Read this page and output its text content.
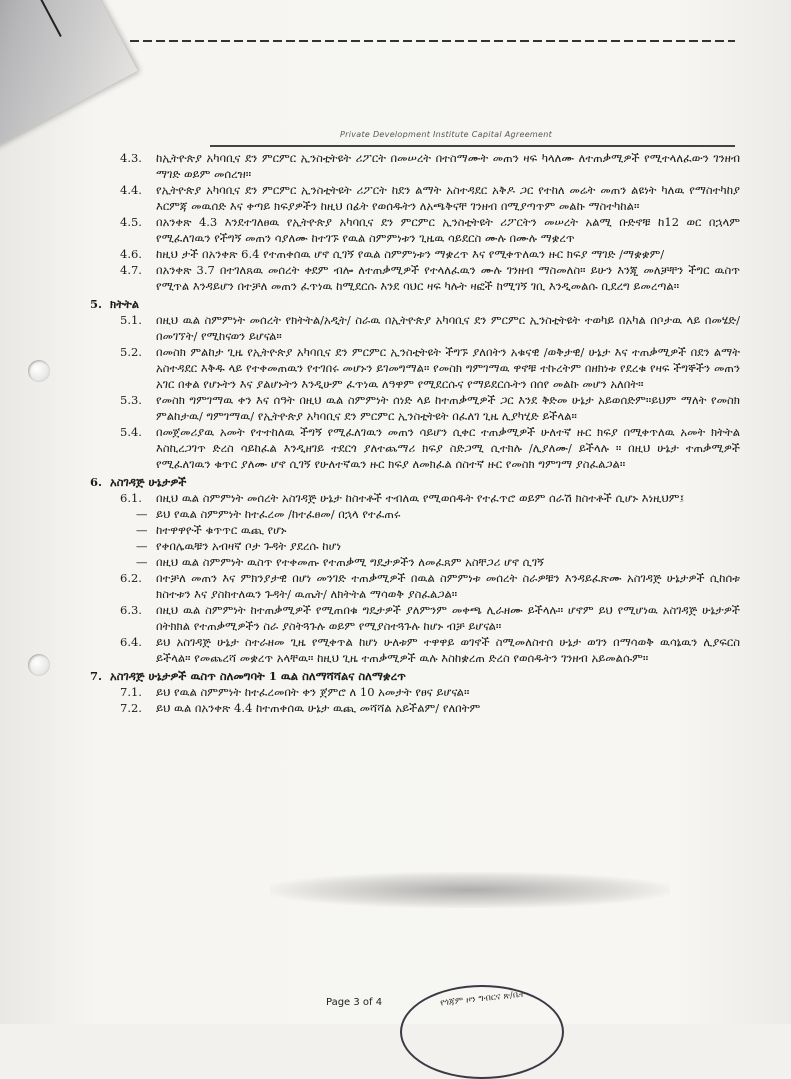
Private Development Institute Capital Agreement
4.3.	ከኢትዮጵያ አካባቢና ደን ምርምር ኢንስቲትዩት ሪፖርት በመሠረት በተስማሙት መጠን ዛፍ ካላለሙ ለተጠቃሚዎች የሚተላለፈውን ገንዘብ ማገድ ወይም መሰረዝ።
4.4.	የኢትዮጵያ አካባቢና ደን ምርምር ኢንስቲትዩት ሪፖርት ከደን ልማት አስተዳደር አቅዶ ጋር የተከለ መሬት መጠን ልዩነት ካለዉ የማስተካከያ እርምጃ መዉሰድ እና ቀጣይ ክፍያዎችን ከዚህ በፊት የወሰዱትን ለአጫቅናቸ ገንዘብ በሚያጣጥም መልኩ ማስተካከል።
4.5.	በአንቀጽ 4.3 እንደተገለፀዉ የኢትዮጵያ አካባቢና ደን ምርምር ኢንስቲትዩት ሪፖርትን መሠረት አልሚ ቡድኖቹ ከ12 ወር በኋላም የሚፈለገዉን የችግኝ መጠን ሳያለሙ ከተገኙ የዉል ስምምነቱን ጊዜዉ ሳይደርስ ሙሉ በሙሉ ማቋረጥ
4.6.	ከዚህ ታች በአንቀጽ 6.4 የተጠቀሰዉ ሆኖ ሲገኝ የዉል ስምምነቱን ማቋረጥ እና የሚቀጥለዉን ዙር ክፍያ ማገድ /ማቋቋም/
4.7.	በአንቀጽ 3.7 በተገለጸዉ መሰረት ቀደም ብሎ ለተጠቃሚዎች የተላለፈዉን ሙሉ ገንዘብ ማስመለስ። ይሁን እንጂ መለቻቸን ችግር ዉስጥ የሚጥል እንዳይሆን በተቻለ መጠን ፈጥነዉ ከሚደርሱ እንደ ባህር ዛፍ ካሉት ዛፎች ከሚገኝ ገቢ እንዲመልሱ ቢደረግ ይመረጣል።
5. ክትትል
5.1.	በዚህ ዉል ስምምነት መሰረት የክትትል/አዲት/ ስራዉ በኢትዮጵያ አካባቢና ደን ምርምር ኢንስቲትዩት ተወካይ በአካል በቦታዉ ላይ በመሄድ/ በመገኘት/ የሚከናወን ይሆናል።
5.2.	በመስክ ምልከታ ጊዜ የኢትዮጵያ አካባቢና ደን ምርምር ኢንስቲትዩት ችግኙ ያለበትን አቁናዊ /ወቅታዊ/ ሁኔታ እና ተጠቃሚዎች በደን ልማት አስተዳደር እቅዱ ላይ የተቀመጠዉን የተገበሩ መሆኑን ይገመግማል። የመስክ ግምገማዉ ዋኖቹ ተኩረትም በዘክነቱ የደረቁ የዛፍ ችግኞችን መጠን አገር በቀል የሆኑትን እና ያልሆኑትን እንዲሁም ፈጥነዉ ለዓዋም የሚደርሱና የማይደርሱትን በሰየ መልኩ መሆን አለበት።
5.3.	የመስክ ግምገማዉ ቀን እና ሰዓት በዚህ ዉል ስምምነት ሰነድ ላይ ከተጠቃሚዎች ጋር እንደ ቅድመ ሁኔታ አይወሰድም።ይህም ማለት የመስክ ምልከታዉ/ ግምገማዉ/ የኢትዮጵያ አካባቢና ደን ምርምር ኢንስቲትዩት በፈለገ ጊዜ ሊያካሂድ ይችላል።
5.4.	በመጀመሪያዉ አመት የተተከለዉ ችግኝ የሚፈለገዉን መጠን ሳይሆን ሲቀር ተጠቃሚዎች ሁለተኛ ዙር ክፍያ በሚቀጥለዉ አመት ክትትል እስኪረጋገጥ ድረስ ሳይከፈል እንዲዘገይ ተደርጎ ያለተጨማሪ ክፍያ ስድጋሚ ሲተክሉ /ሊያለሙ/ ይችላሉ ። በዚህ ሁኔታ ተጠቃሚዎች የሚፈለገዉን ቁጥር ያለሙ ሆኖ ሲገኝ የሁለተኛዉን ዙር ክፍያ ለመክፈል ሰስተኛ ዙር የመስክ ግምገማ ያስፈልጋል።
6. አስገዳጅ ሁኔታዎች
6.1.	በዚህ ዉል ስምምነት መሰረት አስገዳጅ ሁኔታ ከስተቶች ተብለዉ የሚወሰዱት የተፈጥሮ ወይም ሰራሽ ክስተቶች ሲሆኑ እነዚህም፤
— ይህ የዉል ስምምነት ከተፈረመ /ከተፈፀመ/ በኋላ የተፈጠሩ
— ከተዋዋዮች ቁጥጥር ዉጪ የሆኑ
— የቀበሌዉቹን አብዛኛ ቦታ ጉዳት ያደረሱ ከሆነ
— በዚህ ዉል ስምምነት ዉስጥ የተቀመጡ የተጠቃሚ ግዴታዎችን ለመፈጸም አስቸጋሪ ሆኖ ሲገኝ
6.2.	በተቻለ መጠን እና ምክንያታዊ በሆነ መንገድ ተጠቃሚዎች በዉል ስምምነቱ መሰረት ስራዎቹን እንዳይፈጽሙ አስገዳጅ ሁኔታዎች ሲከሰቱ ክስተቱን እና ያስከተለዉን ጉዳት/ ዉጤት/ ለክትትል ማሳወቅ ያስፈልጋል።
6.3.	በዚህ ዉል ስምምነት ከተጠቃሚዎች የሚጠበቁ ግዴታዎች ያለምንም መቀጫ ሊራዘሙ ይችላሉ። ሆኖም ይህ የሚሆነዉ አስገዳጅ ሁኔታዎች በትክክል የተጠቃሚዎችን ስራ ያስትጓጉሉ ወይም የሚያስተጓጉሉ ከሆኑ ብቻ ይሆናል።
6.4.	ይህ አስገዳጅ ሁኔታ ስተራዘመ ጊዜ የሚቀጥል ከሆነ ሁለቱም ተዋዋይ ወገኖች ስሚመለስተሰ ሁኔታ ወገን በማሳወቅ ዉሳኔዉን ሊያፍርስ ይችላል። የመጨረሻ መቋረጥ አላቸዉ። ከዚህ ጊዜ ተጠቃሚዎች ዉሉ እስከቋረጠ ድረስ የወሰዱትን ገንዘብ አይመልሱም።
7. አስገዳጅ ሁኔታዎች ዉስጥ ስለመግባት 1 ዉል ስለማሻሻልና ስለማቋረጥ
7.1.	ይህ የዉል ስምምነት ከተፈረመበት ቀን ጀምሮ ለ 10 አመታት የፀና ይሆናል።
7.2.	ይህ ዉል በአንቀጽ 4.4 ከተጠቀሰዉ ሁኔታ ዉጪ መሻሻል አይችልም/ የለበትም
Page 3 of 4	የጎጃም ዞን ግብርና ጽ/ቤት
